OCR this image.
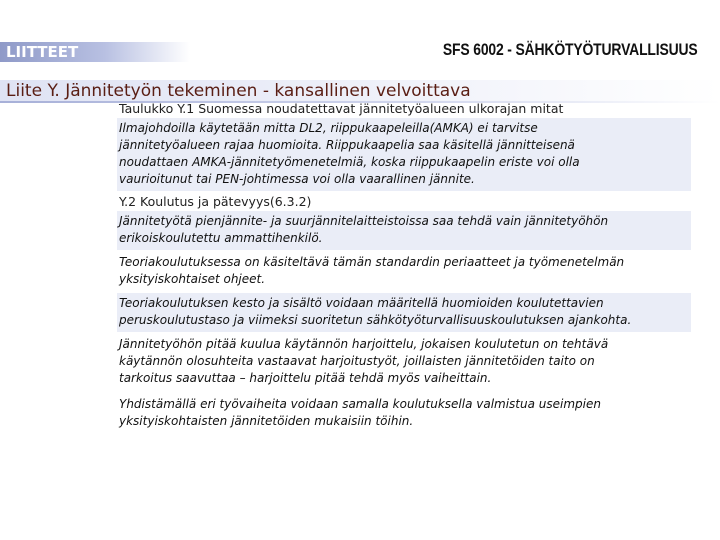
LIITTEET	SFS 6002 - SÄHKÖTYÖTURVALLISUUS
Liite Y. Jännitetyön tekeminen - kansallinen velvoittava
Taulukko Y.1 Suomessa noudatettavat jännitetyöalueen ulkorajan mitat
Ilmajohdoilla käytetään mitta DL2, riippukaapeleilla(AMKA) ei tarvitse
jännitetyöalueen rajaa huomioita. Riippukaapelia saa käsitellä jännitteisenä
noudattaen AMKA-jännitetyömenetelmiä, koska riippukaapelin eriste voi olla
vaurioitunut tai PEN-johtimessa voi olla vaarallinen jännite.
Y.2 Koulutus ja pätevyys(6.3.2)
Jännitetyötä pienjännite- ja suurjännitelaitteistoissa saa tehdä vain jännitetyöhön
erikoiskoulutettu ammattihenkilö.
Teoriakoulutuksessa on käsiteltävä tämän standardin periaatteet ja työmenetelmän
yksityiskohtaiset ohjeet.
Teoriakoulutuksen kesto ja sisältö voidaan määritellä huomioiden koulutettavien
peruskoulutustaso ja viimeksi suoritetun sähkötyöturvallisuuskoulutuksen ajankohta.
Jännitetyöhön pitää kuulua käytännön harjoittelu, jokaisen koulutetun on tehtävä
käytännön olosuhteita vastaavat harjoitustyöt, joillaisten jännitetöiden taito on
tarkoitus saavuttaa – harjoittelu pitää tehdä myös vaiheittain.
Yhdistämällä eri työvaiheita voidaan samalla koulutuksella valmistua useimpien
yksityiskohtaisten jännitetöiden mukaisiin töihin.
